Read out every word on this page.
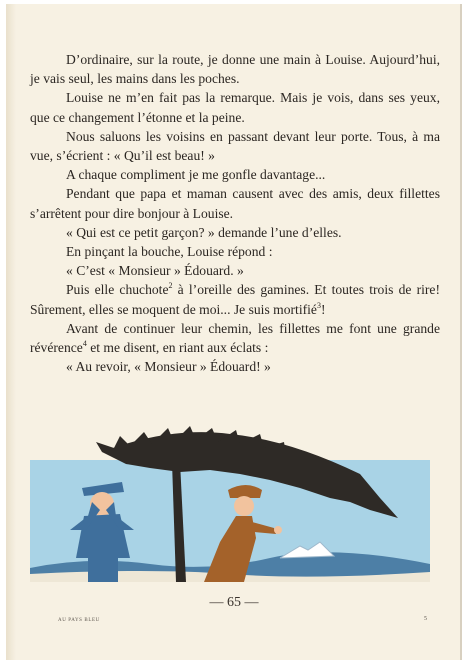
D’ordinaire, sur la route, je donne une main à Louise. Aujourd’hui, je vais seul, les mains dans les poches.

Louise ne m’en fait pas la remarque. Mais je vois, dans ses yeux, que ce changement l’étonne et la peine.

Nous saluons les voisins en passant devant leur porte. Tous, à ma vue, s’écrient : « Qu’il est beau! »

A chaque compliment je me gonfle davantage...

Pendant que papa et maman causent avec des amis, deux fillettes s’arrêtent pour dire bonjour à Louise.

« Qui est ce petit garçon? » demande l’une d’elles.

En pinçant la bouche, Louise répond :

« C’est « Monsieur » Édouard. »

Puis elle chuchote$^2$ à l’oreille des gamines. Et toutes trois de rire! Sûrement, elles se moquent de moi... Je suis mortifié$^3$!

Avant de continuer leur chemin, les fillettes me font une grande révérence$^4$ et me disent, en riant aux éclats :

« Au revoir, « Monsieur » Édouard! »

— 65 —
AU PAYS BLEU	5
